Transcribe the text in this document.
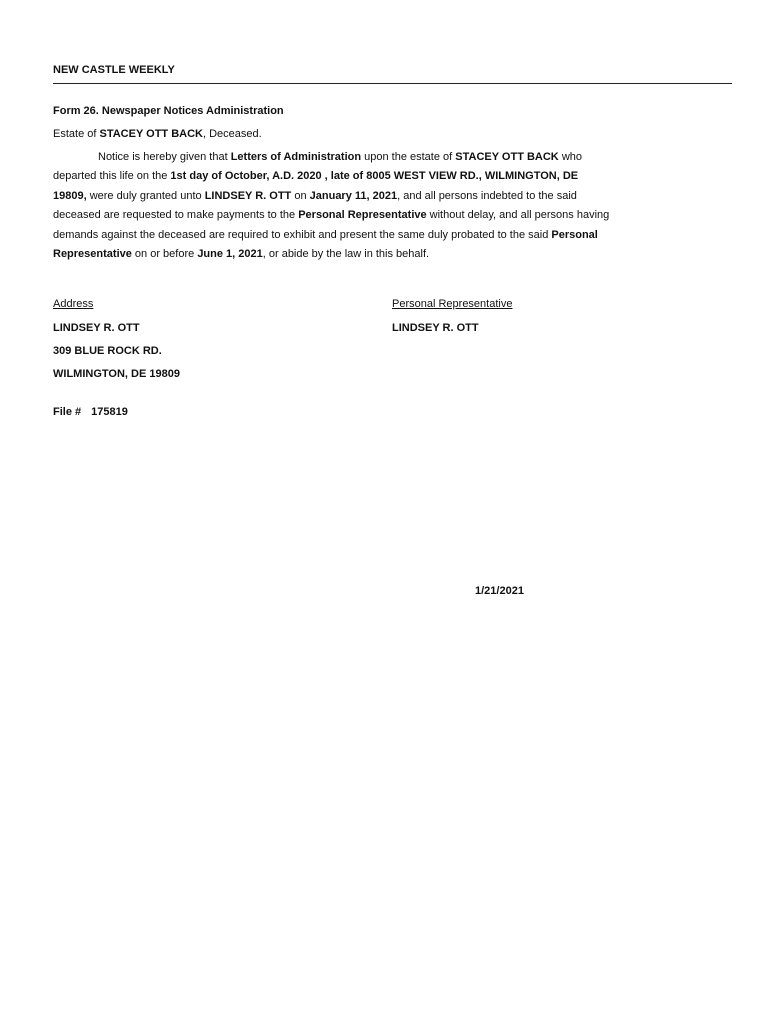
NEW CASTLE WEEKLY
Form 26. Newspaper Notices Administration
Estate of STACEY OTT BACK, Deceased.
Notice is hereby given that Letters of Administration upon the estate of STACEY OTT BACK who
departed this life on the 1st day of October, A.D. 2020 , late of 8005 WEST VIEW RD., WILMINGTON, DE
19809, were duly granted unto LINDSEY R. OTT on January 11, 2021, and all persons indebted to the said
deceased are requested to make payments to the Personal Representative without delay, and all persons having
demands against the deceased are required to exhibit and present the same duly probated to the said Personal
Representative on or before June 1, 2021, or abide by the law in this behalf.
Address	Personal Representative
LINDSEY R. OTT	LINDSEY R. OTT
309 BLUE ROCK RD.
WILMINGTON, DE 19809
File # 175819
1/21/2021
